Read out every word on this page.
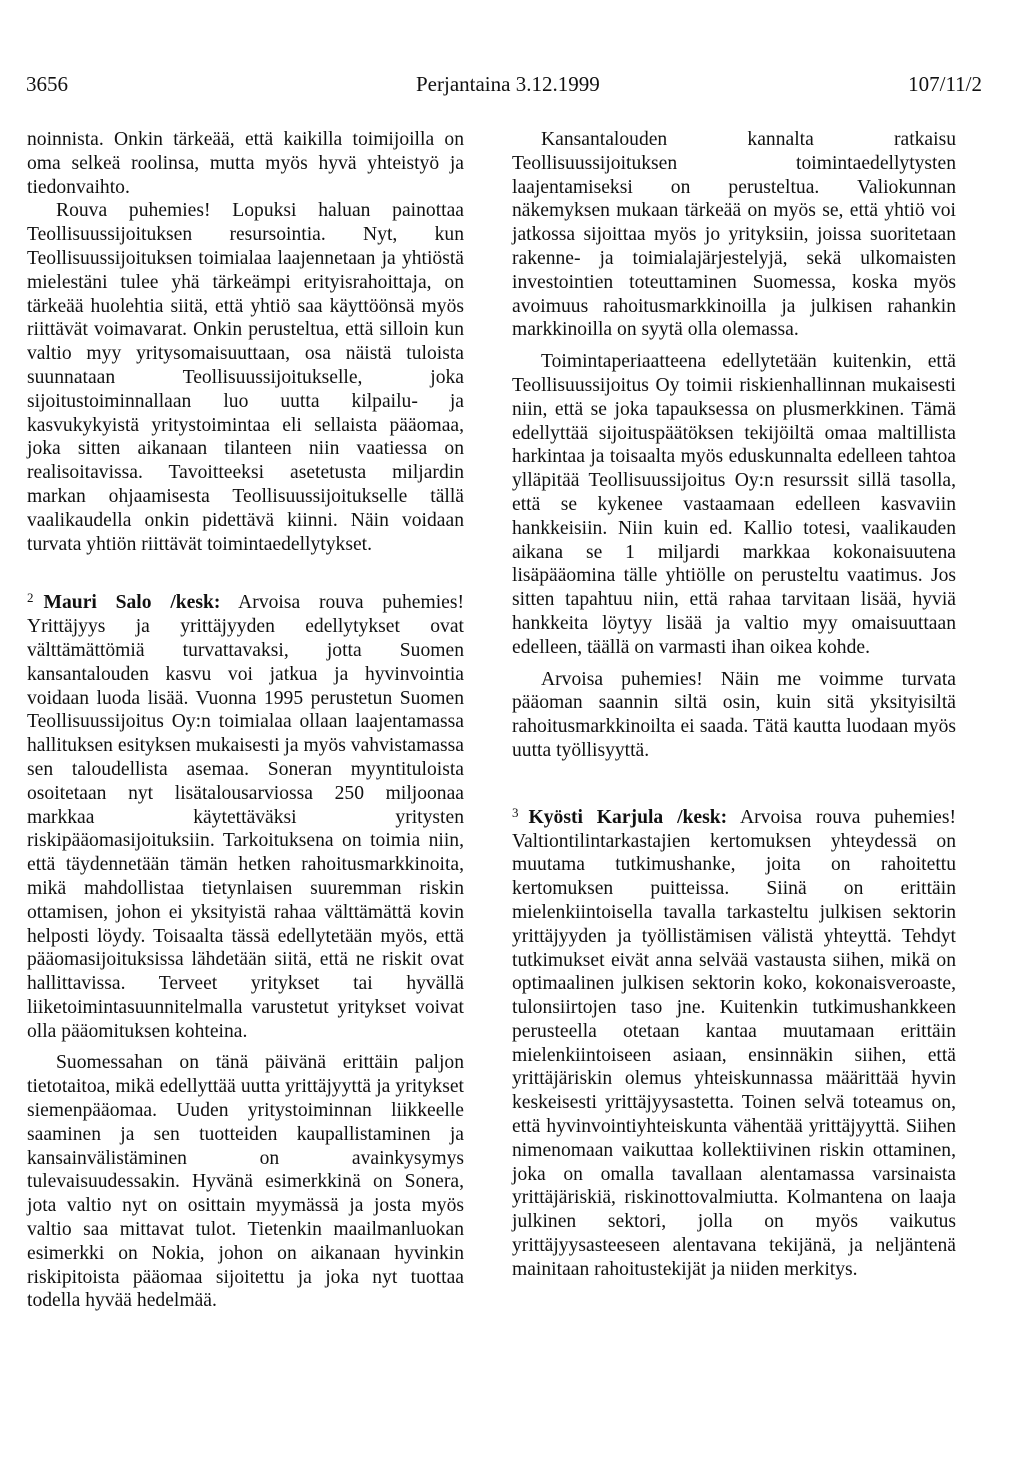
3656	Perjantaina 3.12.1999	107/11/2

noinnista. Onkin tärkeää, että kaikilla toimijoilla on oma selkeä roolinsa, mutta myös hyvä yhteistyö ja tiedonvaihto.

Rouva puhemies! Lopuksi haluan painottaa Teollisuussijoituksen resursointia. Nyt, kun Teollisuussijoituksen toimialaa laajennetaan ja yhtiöstä mielestäni tulee yhä tärkeämpi erityisrahoittaja, on tärkeää huolehtia siitä, että yhtiö saa käyttöönsä myös riittävät voimavarat. Onkin perusteltua, että silloin kun valtio myy yritysomaisuuttaan, osa näistä tuloista suunnataan Teollisuussijoitukselle, joka sijoitustoiminnallaan luo uutta kilpailu- ja kasvukykyistä yritystoimintaa eli sellaista pääomaa, joka sitten aikanaan tilanteen niin vaatiessa on realisoitavissa. Tavoitteeksi asetetusta miljardin markan ohjaamisesta Teollisuussijoitukselle tällä vaalikaudella onkin pidettävä kiinni. Näin voidaan turvata yhtiön riittävät toimintaedellytykset.

$^2$ Mauri Salo /kesk: Arvoisa rouva puhemies! Yrittäjyys ja yrittäjyyden edellytykset ovat välttämättömiä turvattavaksi, jotta Suomen kansantalouden kasvu voi jatkua ja hyvinvointia voidaan luoda lisää. Vuonna 1995 perustetun Suomen Teollisuussijoitus Oy:n toimialaa ollaan laajentamassa hallituksen esityksen mukaisesti ja myös vahvistamassa sen taloudellista asemaa. Soneran myyntituloista osoitetaan nyt lisätalousarviossa 250 miljoonaa markkaa käytettäväksi yritysten riskipääomasijoituksiin. Tarkoituksena on toimia niin, että täydennetään tämän hetken rahoitusmarkkinoita, mikä mahdollistaa tietynlaisen suuremman riskin ottamisen, johon ei yksityistä rahaa välttämättä kovin helposti löydy. Toisaalta tässä edellytetään myös, että pääomasijoituksissa lähdetään siitä, että ne riskit ovat hallittavissa. Terveet yritykset tai hyvällä liiketoimintasuunnitelmalla varustetut yritykset voivat olla pääomituksen kohteina.

Suomessahan on tänä päivänä erittäin paljon tietotaitoa, mikä edellyttää uutta yrittäjyyttä ja yritykset siemenpääomaa. Uuden yritystoiminnan liikkeelle saaminen ja sen tuotteiden kaupallistaminen ja kansainvälistäminen on avainkysymys tulevaisuudessakin. Hyvänä esimerkkinä on Sonera, jota valtio nyt on osittain myymässä ja josta myös valtio saa mittavat tulot. Tietenkin maailmanluokan esimerkki on Nokia, johon on aikanaan hyvinkin riskipitoista pääomaa sijoitettu ja joka nyt tuottaa todella hyvää hedelmää.

Kansantalouden kannalta ratkaisu Teollisuussijoituksen toimintaedellytysten laajentamiseksi on perusteltua. Valiokunnan näkemyksen mukaan tärkeää on myös se, että yhtiö voi jatkossa sijoittaa myös jo yrityksiin, joissa suoritetaan rakenne- ja toimialajärjestelyjä, sekä ulkomaisten investointien toteuttaminen Suomessa, koska myös avoimuus rahoitusmarkkinoilla ja julkisen rahankin markkinoilla on syytä olla olemassa.

Toimintaperiaatteena edellytetään kuitenkin, että Teollisuussijoitus Oy toimii riskienhallinnan mukaisesti niin, että se joka tapauksessa on plusmerkkinen. Tämä edellyttää sijoituspäätöksen tekijöiltä omaa maltillista harkintaa ja toisaalta myös eduskunnalta edelleen tahtoa ylläpitää Teollisuussijoitus Oy:n resurssit sillä tasolla, että se kykenee vastaamaan edelleen kasvaviin hankkeisiin. Niin kuin ed. Kallio totesi, vaalikauden aikana se 1 miljardi markkaa kokonaisuutena lisäpääomina tälle yhtiölle on perusteltu vaatimus. Jos sitten tapahtuu niin, että rahaa tarvitaan lisää, hyviä hankkeita löytyy lisää ja valtio myy omaisuuttaan edelleen, täällä on varmasti ihan oikea kohde.

Arvoisa puhemies! Näin me voimme turvata pääoman saannin siltä osin, kuin sitä yksityisiltä rahoitusmarkkinoilta ei saada. Tätä kautta luodaan myös uutta työllisyyttä.

$^3$ Kyösti Karjula /kesk: Arvoisa rouva puhemies! Valtiontilintarkastajien kertomuksen yhteydessä on muutama tutkimushanke, joita on rahoitettu kertomuksen puitteissa. Siinä on erittäin mielenkiintoisella tavalla tarkasteltu julkisen sektorin yrittäjyyden ja työllistämisen välistä yhteyttä. Tehdyt tutkimukset eivät anna selvää vastausta siihen, mikä on optimaalinen julkisen sektorin koko, kokonaisveroaste, tulonsiirtojen taso jne. Kuitenkin tutkimushankkeen perusteella otetaan kantaa muutamaan erittäin mielenkiintoiseen asiaan, ensinnäkin siihen, että yrittäjäriskin olemus yhteiskunnassa määrittää hyvin keskeisesti yrittäjyysastetta. Toinen selvä toteamus on, että hyvinvointiyhteiskunta vähentää yrittäjyyttä. Siihen nimenomaan vaikuttaa kollektiivinen riskin ottaminen, joka on omalla tavallaan alentamassa varsinaista yrittäjäriskiä, riskinottovalmiutta. Kolmantena on laaja julkinen sektori, jolla on myös vaikutus yrittäjyysasteeseen alentavana tekijänä, ja neljäntenä mainitaan rahoitustekijät ja niiden merkitys.
